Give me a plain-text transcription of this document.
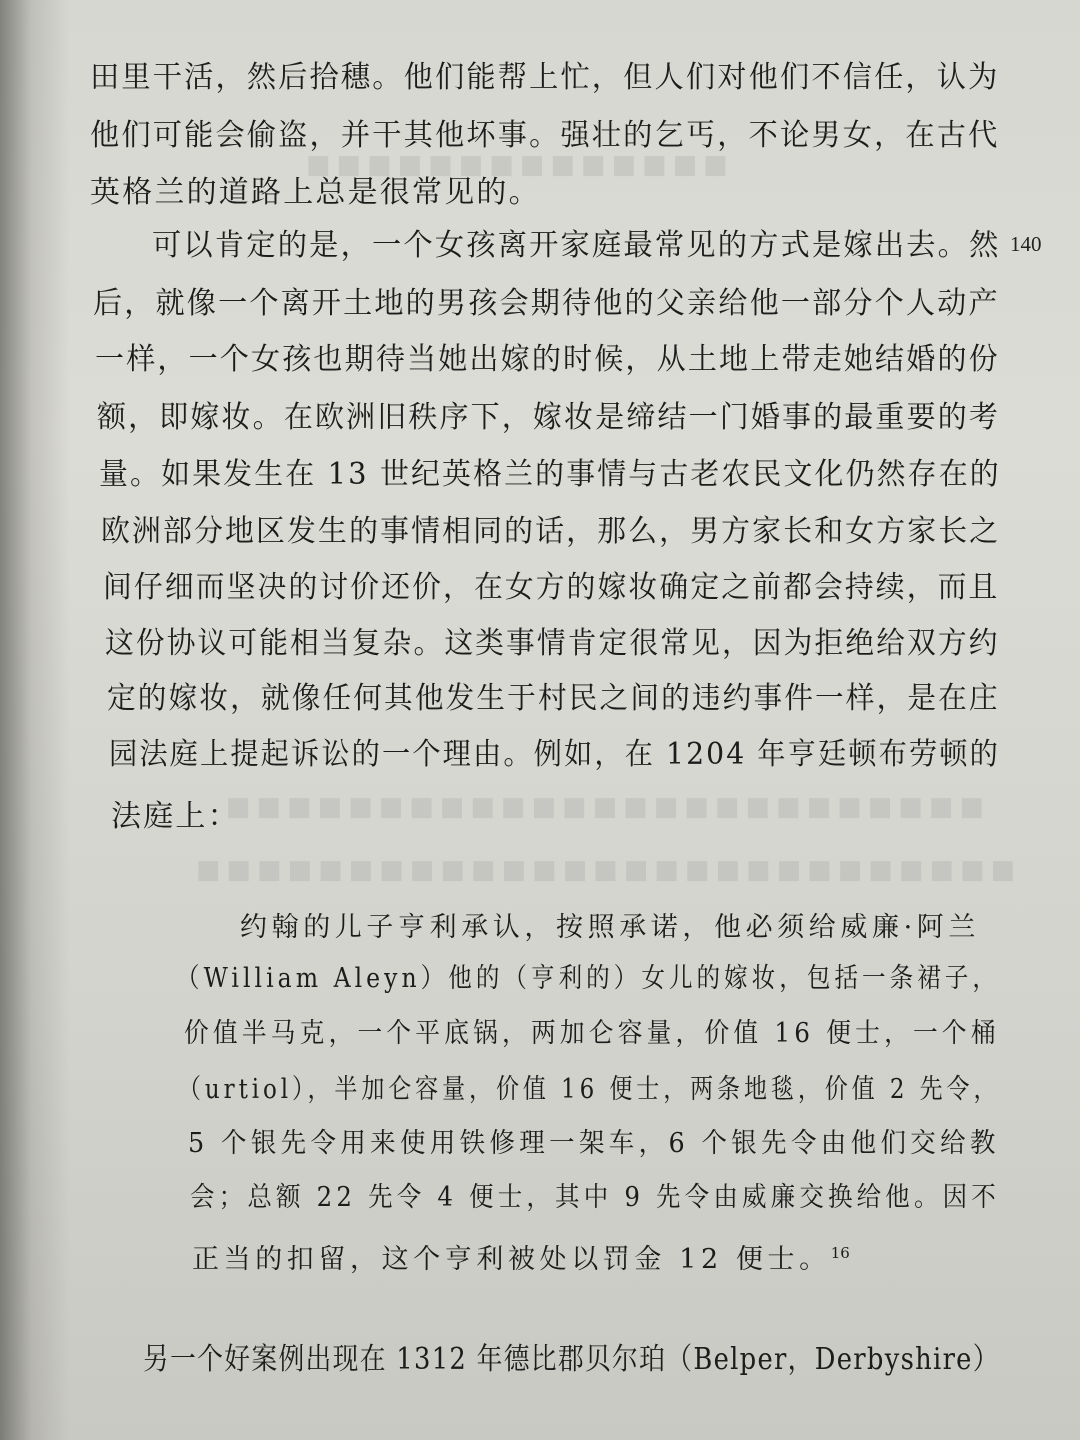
■■■■■■■■■■■■■■
■■■■■■■■■■■■■■■■■■■■■■■■■
■■■■■■■■■■■■■■■■■■■■■■■■■■■
140
田里干活，然后拾穗。他们能帮上忙，但人们对他们不信任，认为
他们可能会偷盗，并干其他坏事。强壮的乞丐，不论男女，在古代
英格兰的道路上总是很常见的。
可以肯定的是，一个女孩离开家庭最常见的方式是嫁出去。然
后，就像一个离开土地的男孩会期待他的父亲给他一部分个人动产
一样，一个女孩也期待当她出嫁的时候，从土地上带走她结婚的份
额，即嫁妆。在欧洲旧秩序下，嫁妆是缔结一门婚事的最重要的考
量。如果发生在 13 世纪英格兰的事情与古老农民文化仍然存在的
欧洲部分地区发生的事情相同的话，那么，男方家长和女方家长之
间仔细而坚决的讨价还价，在女方的嫁妆确定之前都会持续，而且
这份协议可能相当复杂。这类事情肯定很常见，因为拒绝给双方约
定的嫁妆，就像任何其他发生于村民之间的违约事件一样，是在庄
园法庭上提起诉讼的一个理由。例如，在 1204 年亨廷顿布劳顿的
法庭上：
约翰的儿子亨利承认，按照承诺，他必须给威廉·阿兰
（William Aleyn）他的（亨利的）女儿的嫁妆，包括一条裙子，
价值半马克，一个平底锅，两加仑容量，价值 16 便士，一个桶
（urtiol），半加仑容量，价值 16 便士，两条地毯，价值 2 先令，
5 个银先令用来使用铁修理一架车，6 个银先令由他们交给教
会；总额 22 先令 4 便士，其中 9 先令由威廉交换给他。因不
正当的扣留，这个亨利被处以罚金 12 便士。$^{16}$
另一个好案例出现在 1312 年德比郡贝尔珀（Belper，Derbyshire）
